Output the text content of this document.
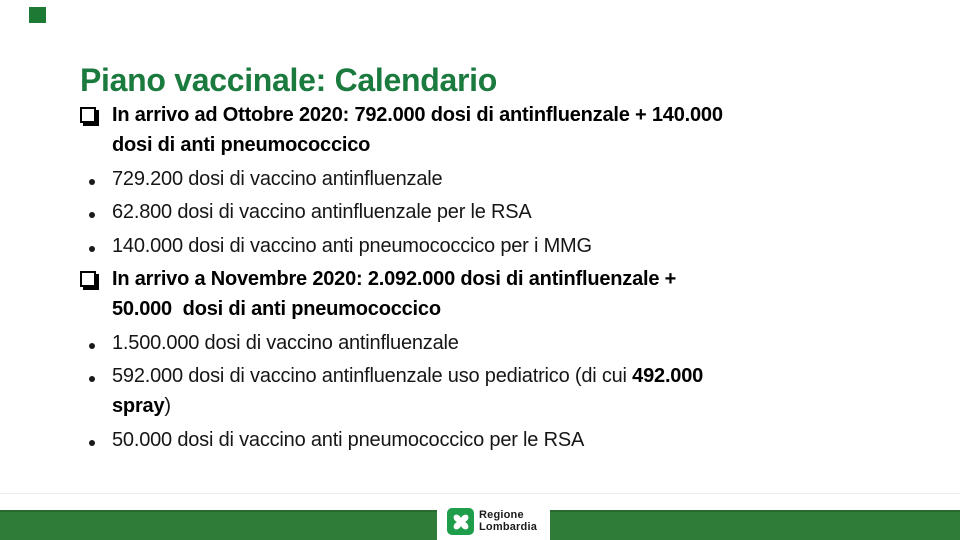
Piano vaccinale: Calendario
In arrivo ad Ottobre 2020: 792.000 dosi di antinfluenzale + 140.000
dosi di anti pneumococcico
729.200 dosi di vaccino antinfluenzale
62.800 dosi di vaccino antinfluenzale per le RSA
140.000 dosi di vaccino anti pneumococcico per i MMG
In arrivo a Novembre 2020: 2.092.000 dosi di antinfluenzale +
50.000  dosi di anti pneumococcico
1.500.000 dosi di vaccino antinfluenzale
592.000 dosi di vaccino antinfluenzale uso pediatrico (di cui 492.000
spray)
50.000 dosi di vaccino anti pneumococcico per le RSA
Regione
Lombardia
